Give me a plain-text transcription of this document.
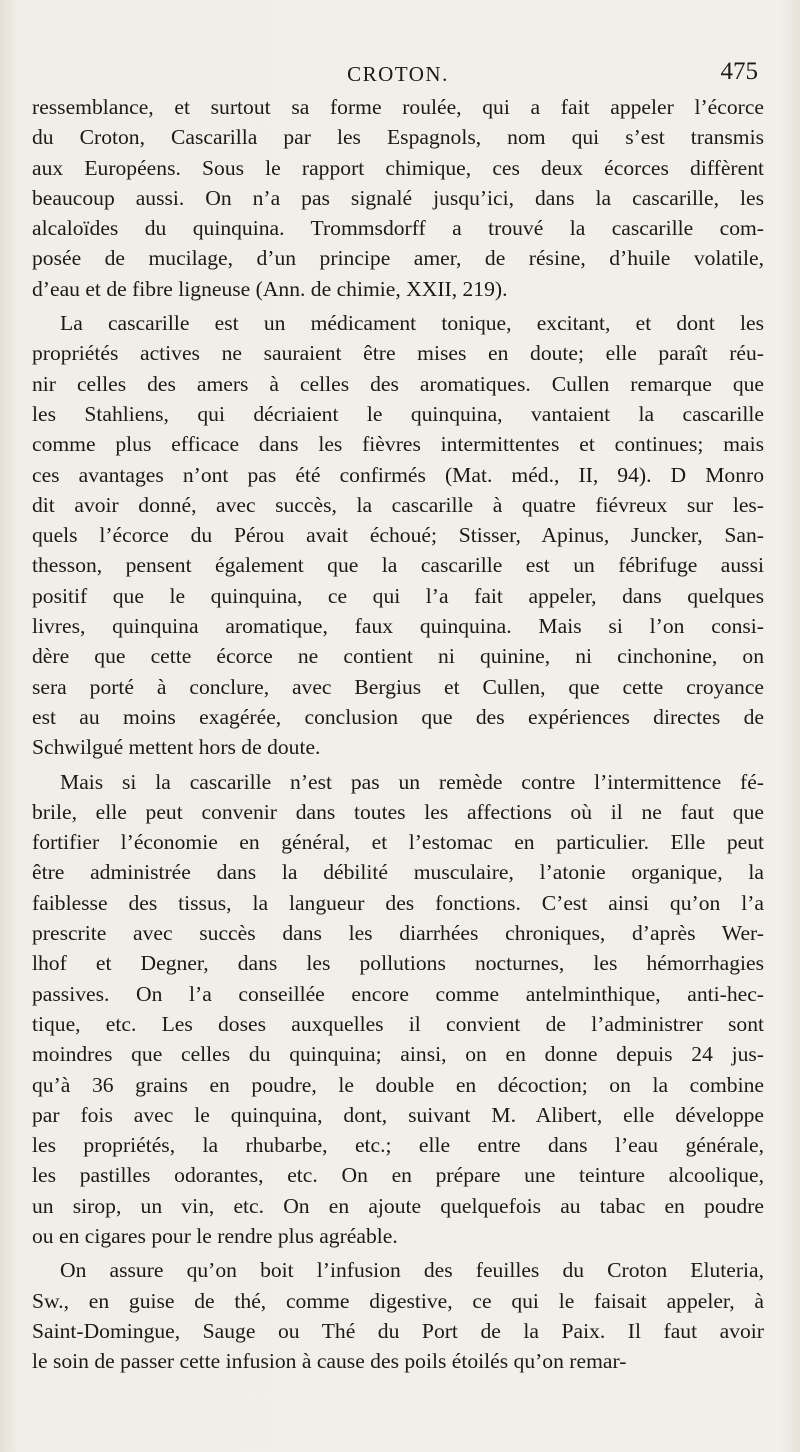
CROTON.	475
ressemblance, et surtout sa forme roulée, qui a fait appeler l’écorce
du Croton, Cascarilla par les Espagnols, nom qui s’est transmis
aux Européens. Sous le rapport chimique, ces deux écorces diffèrent
beaucoup aussi. On n’a pas signalé jusqu’ici, dans la cascarille, les
alcaloïdes du quinquina. Trommsdorff a trouvé la cascarille com-
posée de mucilage, d’un principe amer, de résine, d’huile volatile,
d’eau et de fibre ligneuse (Ann. de chimie, XXII, 219).
La cascarille est un médicament tonique, excitant, et dont les
propriétés actives ne sauraient être mises en doute; elle paraît réu-
nir celles des amers à celles des aromatiques. Cullen remarque que
les Stahliens, qui décriaient le quinquina, vantaient la cascarille
comme plus efficace dans les fièvres intermittentes et continues; mais
ces avantages n’ont pas été confirmés (Mat. méd., II, 94). D Monro
dit avoir donné, avec succès, la cascarille à quatre fiévreux sur les-
quels l’écorce du Pérou avait échoué; Stisser, Apinus, Juncker, San-
thesson, pensent également que la cascarille est un fébrifuge aussi
positif que le quinquina, ce qui l’a fait appeler, dans quelques
livres, quinquina aromatique, faux quinquina. Mais si l’on consi-
dère que cette écorce ne contient ni quinine, ni cinchonine, on
sera porté à conclure, avec Bergius et Cullen, que cette croyance
est au moins exagérée, conclusion que des expériences directes de
Schwilgué mettent hors de doute.
Mais si la cascarille n’est pas un remède contre l’intermittence fé-
brile, elle peut convenir dans toutes les affections où il ne faut que
fortifier l’économie en général, et l’estomac en particulier. Elle peut
être administrée dans la débilité musculaire, l’atonie organique, la
faiblesse des tissus, la langueur des fonctions. C’est ainsi qu’on l’a
prescrite avec succès dans les diarrhées chroniques, d’après Wer-
lhof et Degner, dans les pollutions nocturnes, les hémorrhagies
passives. On l’a conseillée encore comme antelminthique, anti-hec-
tique, etc. Les doses auxquelles il convient de l’administrer sont
moindres que celles du quinquina; ainsi, on en donne depuis 24 jus-
qu’à 36 grains en poudre, le double en décoction; on la combine
par fois avec le quinquina, dont, suivant M. Alibert, elle développe
les propriétés, la rhubarbe, etc.; elle entre dans l’eau générale,
les pastilles odorantes, etc. On en prépare une teinture alcoolique,
un sirop, un vin, etc. On en ajoute quelquefois au tabac en poudre
ou en cigares pour le rendre plus agréable.
On assure qu’on boit l’infusion des feuilles du Croton Eluteria,
Sw., en guise de thé, comme digestive, ce qui le faisait appeler, à
Saint-Domingue, Sauge ou Thé du Port de la Paix. Il faut avoir
le soin de passer cette infusion à cause des poils étoilés qu’on remar-
